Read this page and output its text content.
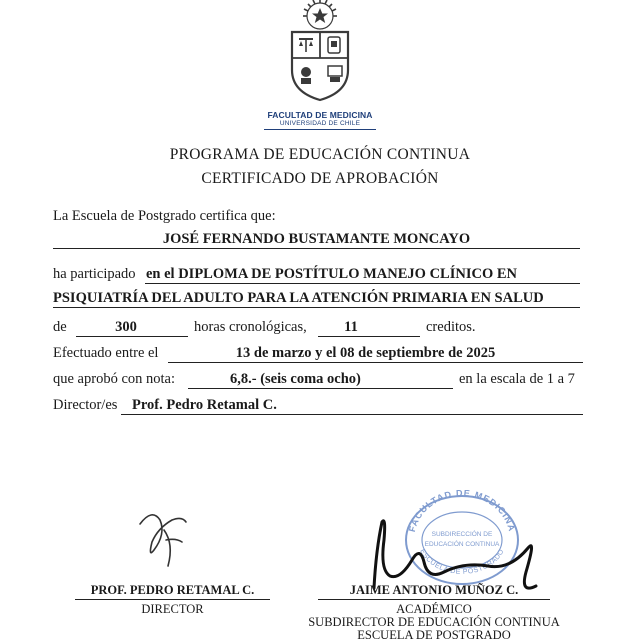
FACULTAD DE MEDICINA
UNIVERSIDAD DE CHILE
PROGRAMA DE EDUCACIÓN CONTINUA
CERTIFICADO DE APROBACIÓN
La Escuela de Postgrado certifica que:
JOSÉ FERNANDO BUSTAMANTE MONCAYO
ha participado en el DIPLOMA DE POSTÍTULO MANEJO CLÍNICO EN
PSIQUIATRÍA DEL ADULTO PARA LA ATENCIÓN PRIMARIA EN SALUD
de	300	horas cronológicas,	11	creditos.
Efectuado entre el	13 de marzo y el 08 de septiembre de 2025
que aprobó con nota:	6,8.- (seis coma ocho)	en la escala de 1 a 7
Director/es Prof. Pedro Retamal C.
PROF. PEDRO RETAMAL C.
DIRECTOR
FACULTAD DE MEDICINA
ESCUELA DE POSTGRADO
SUBDIRECCIÓN DE
EDUCACIÓN CONTINUA
JAIME ANTONIO MUÑOZ C.
ACADÉMICO
SUBDIRECTOR DE EDUCACIÓN CONTINUA
ESCUELA DE POSTGRADO
